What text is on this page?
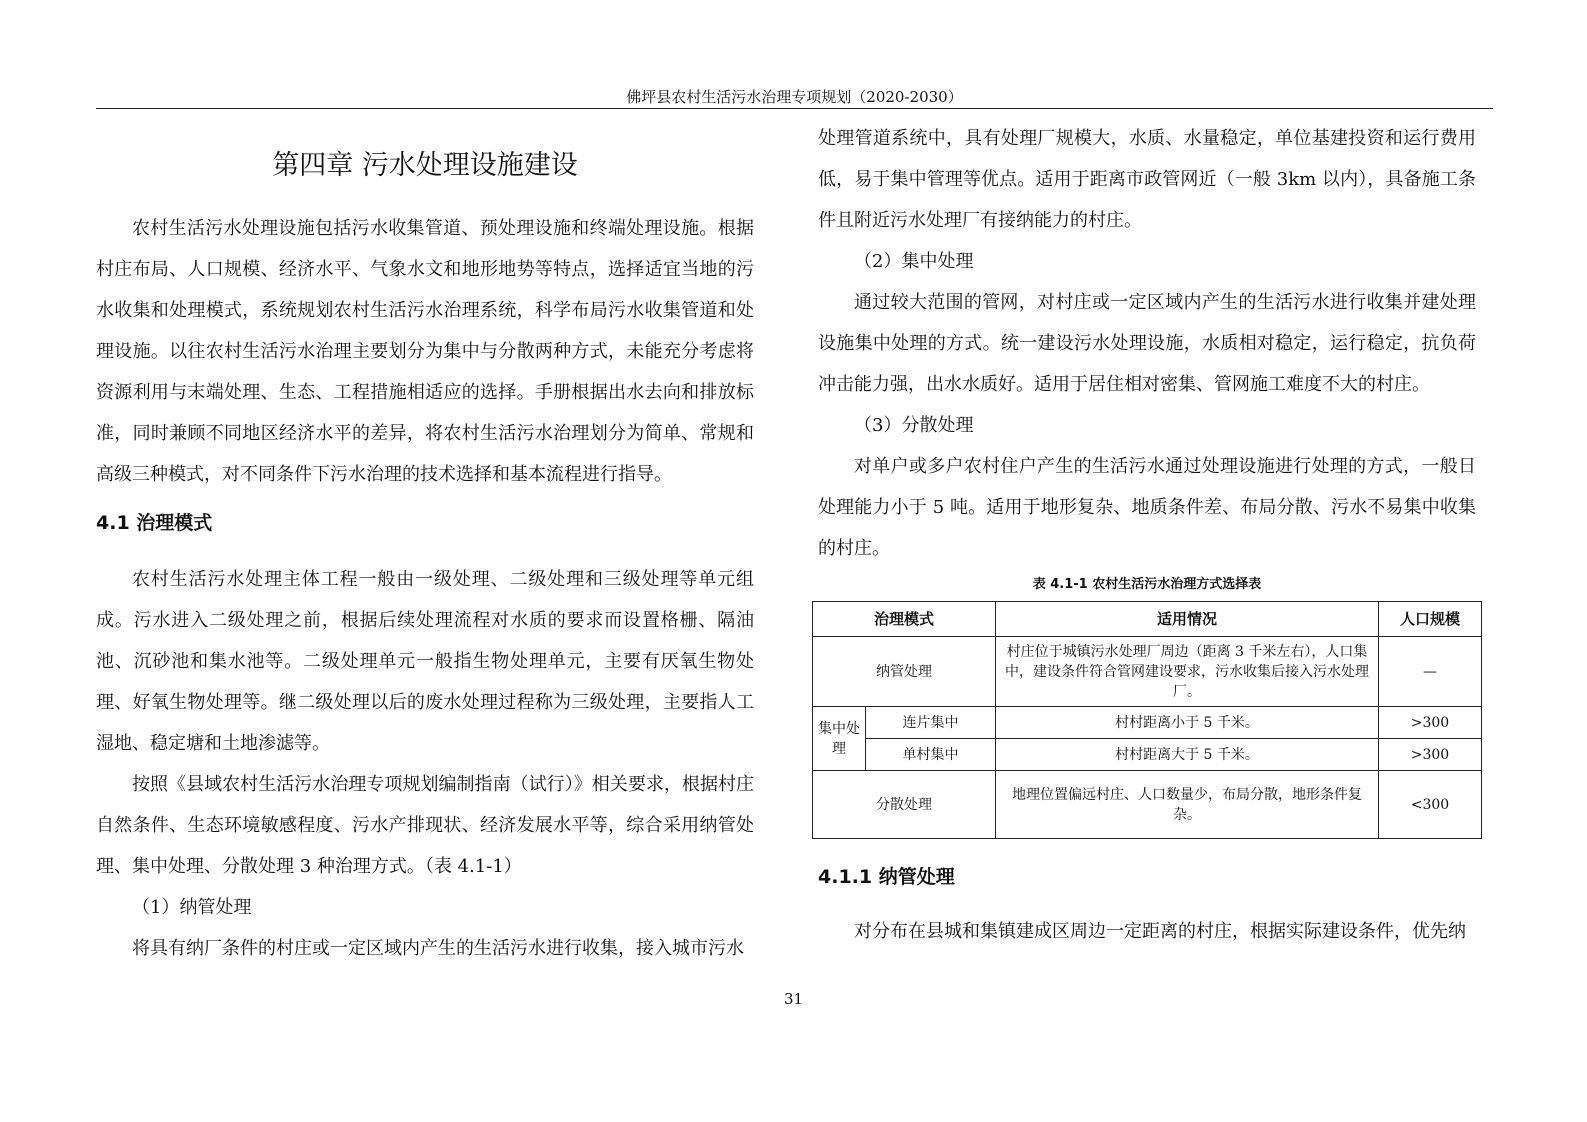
佛坪县农村生活污水治理专项规划（2020-2030）
第四章 污水处理设施建设

农村生活污水处理设施包括污水收集管道、预处理设施和终端处理设施。根据村庄布局、人口规模、经济水平、气象水文和地形地势等特点，选择适宜当地的污水收集和处理模式，系统规划农村生活污水治理系统，科学布局污水收集管道和处理设施。以往农村生活污水治理主要划分为集中与分散两种方式，未能充分考虑将资源利用与末端处理、生态、工程措施相适应的选择。手册根据出水去向和排放标准，同时兼顾不同地区经济水平的差异，将农村生活污水治理划分为简单、常规和高级三种模式，对不同条件下污水治理的技术选择和基本流程进行指导。

4.1 治理模式

农村生活污水处理主体工程一般由一级处理、二级处理和三级处理等单元组成。污水进入二级处理之前，根据后续处理流程对水质的要求而设置格栅、隔油池、沉砂池和集水池等。二级处理单元一般指生物处理单元，主要有厌氧生物处理、好氧生物处理等。继二级处理以后的废水处理过程称为三级处理，主要指人工湿地、稳定塘和土地渗滤等。

按照《县域农村生活污水治理专项规划编制指南（试行）》相关要求，根据村庄自然条件、生态环境敏感程度、污水产排现状、经济发展水平等，综合采用纳管处理、集中处理、分散处理 3 种治理方式。（表 4.1-1）

（1）纳管处理

将具有纳厂条件的村庄或一定区域内产生的生活污水进行收集，接入城市污水

处理管道系统中，具有处理厂规模大，水质、水量稳定，单位基建投资和运行费用低，易于集中管理等优点。适用于距离市政管网近（一般 3km 以内），具备施工条件且附近污水处理厂有接纳能力的村庄。

（2）集中处理

通过较大范围的管网，对村庄或一定区域内产生的生活污水进行收集并建处理设施集中处理的方式。统一建设污水处理设施，水质相对稳定，运行稳定，抗负荷冲击能力强，出水水质好。适用于居住相对密集、管网施工难度不大的村庄。

（3）分散处理

对单户或多户农村住户产生的生活污水通过处理设施进行处理的方式，一般日处理能力小于 5 吨。适用于地形复杂、地质条件差、布局分散、污水不易集中收集的村庄。

表 4.1-1 农村生活污水治理方式选择表
治理模式		适用情况	人口规模
纳管处理		村庄位于城镇污水处理厂周边（距离 3 千米左右），人口集中，建设条件符合管网建设要求，污水收集后接入污水处理厂。	—
集中处理	连片集中	村村距离小于 5 千米。	>300
	单村集中	村村距离大于 5 千米。	>300
分散处理		地理位置偏远村庄、人口数量少，布局分散，地形条件复杂。	<300
4.1.1 纳管处理

对分布在县城和集镇建成区周边一定距离的村庄，根据实际建设条件，优先纳

31
